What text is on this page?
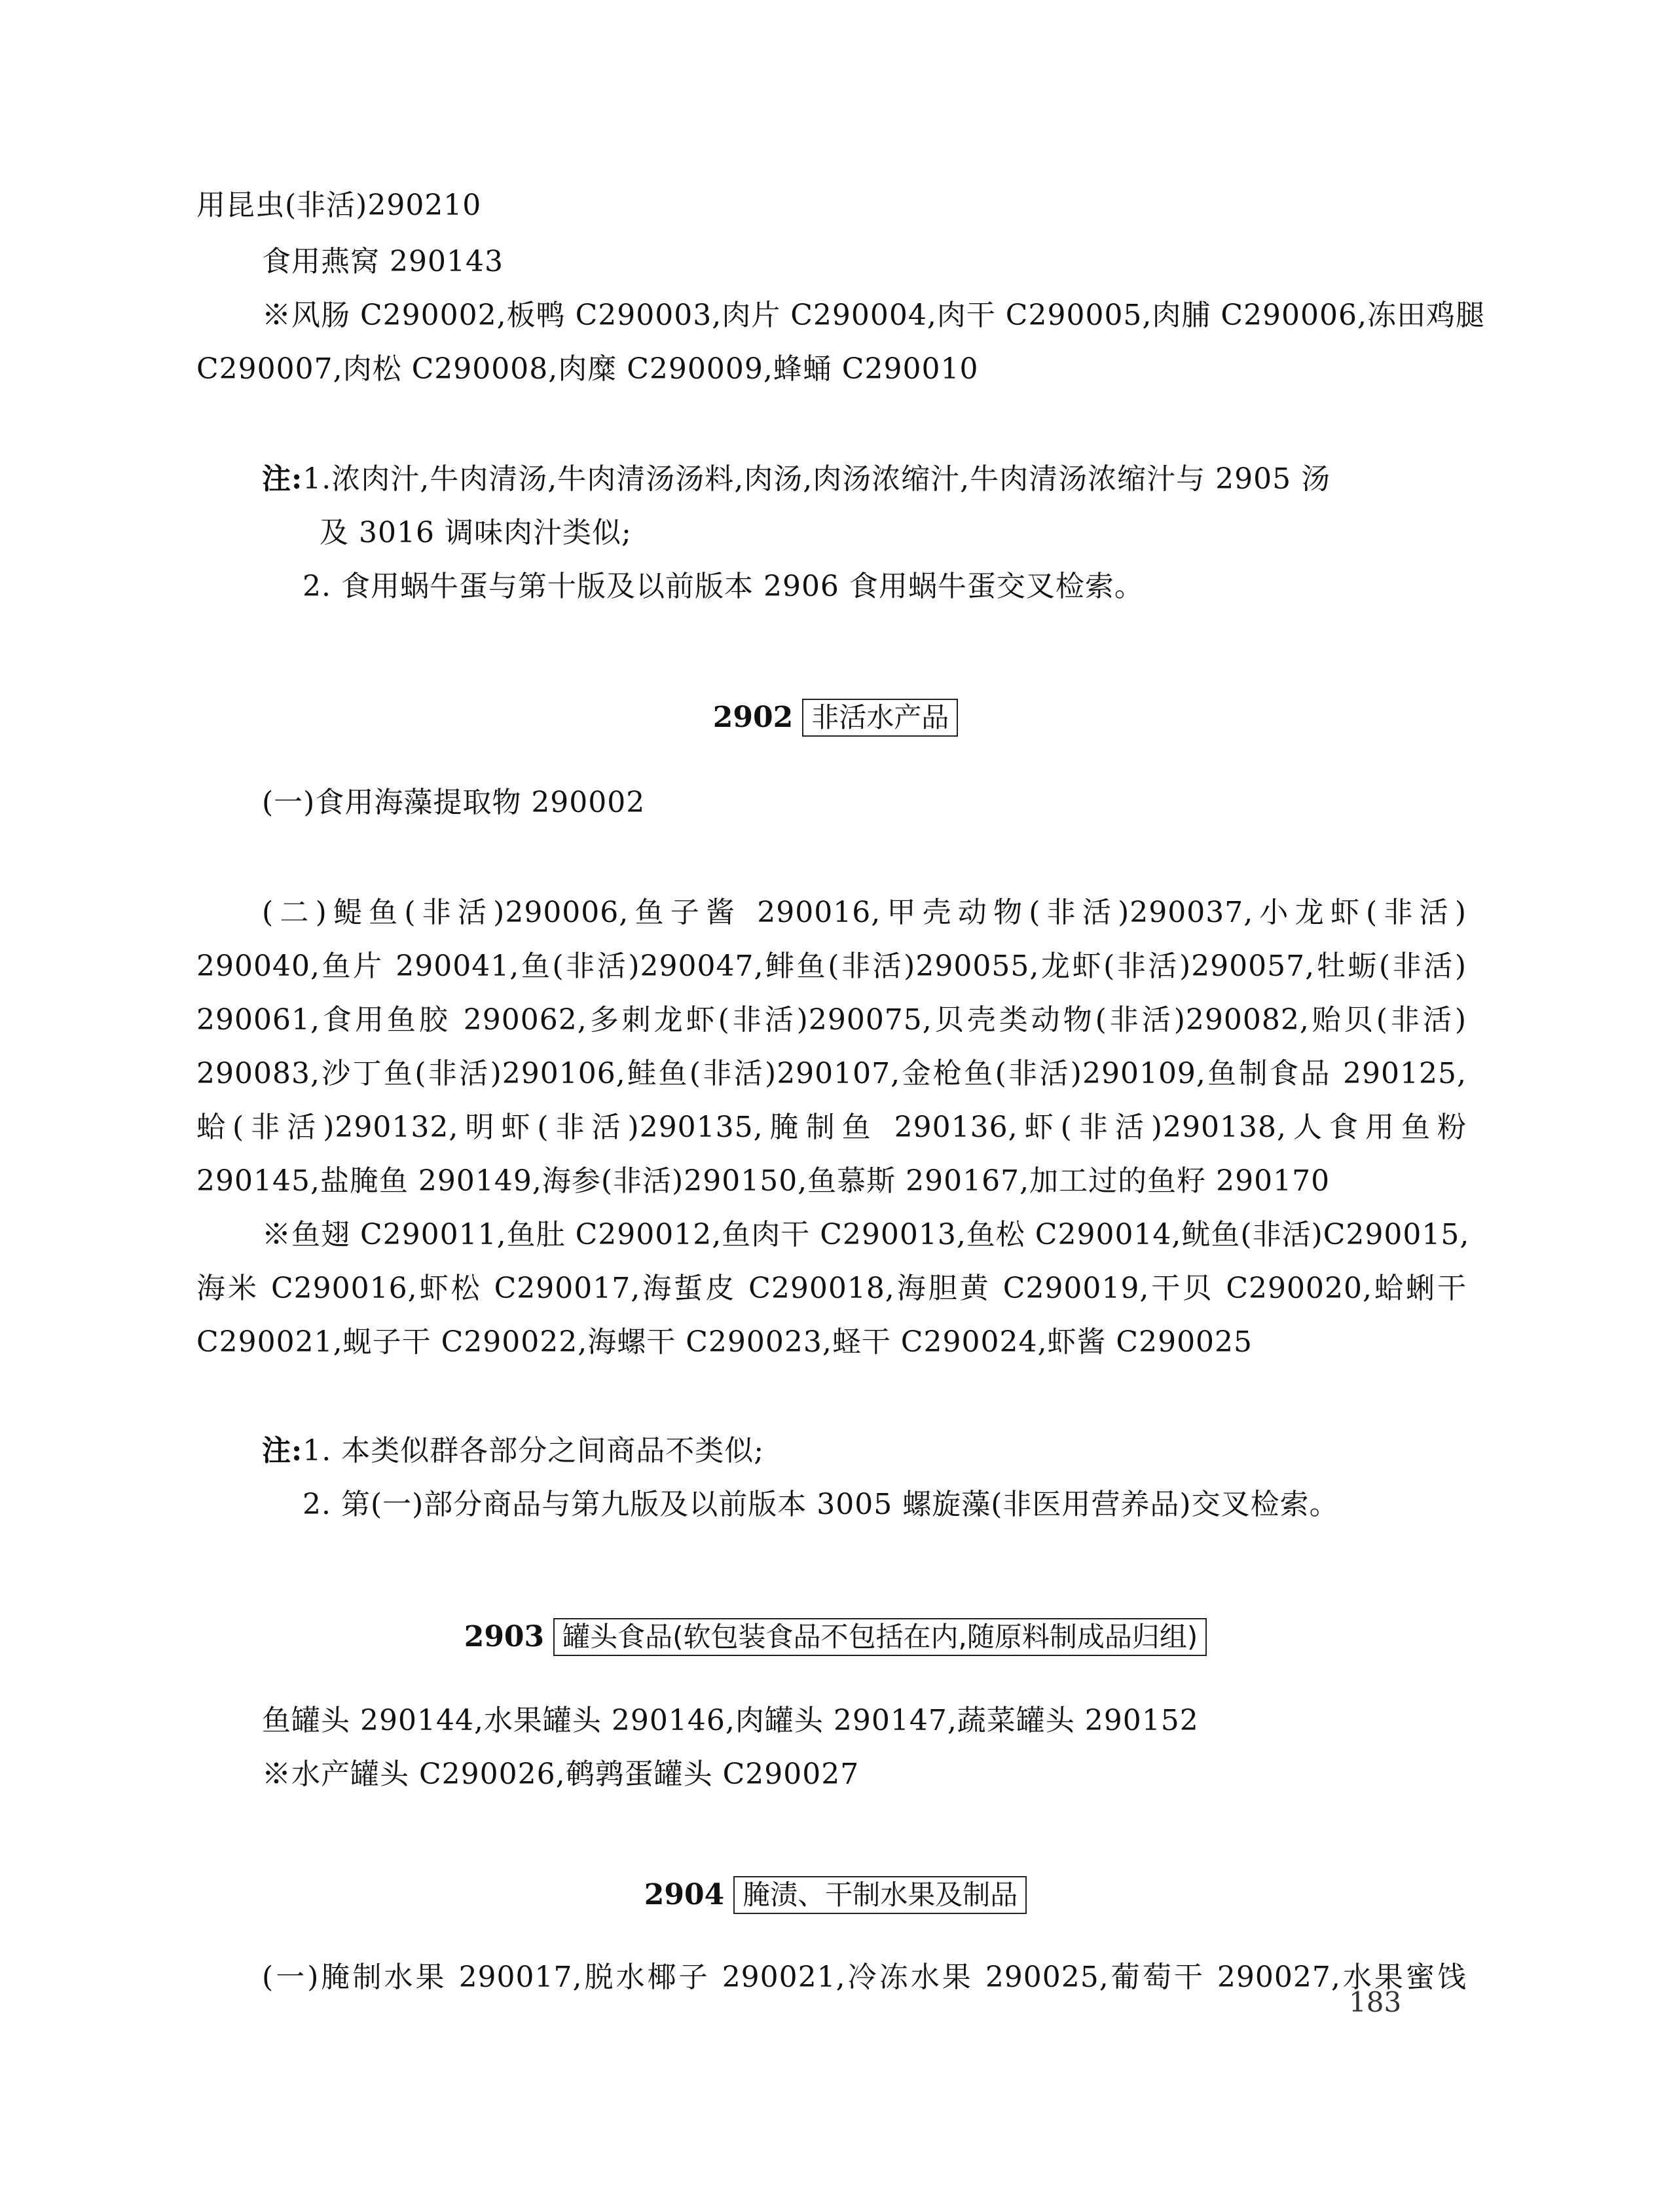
用昆虫(非活)290210
食用燕窝 290143
※风肠 C290002,板鸭 C290003,肉片 C290004,肉干 C290005,肉脯 C290006,冻田鸡腿
C290007,肉松 C290008,肉糜 C290009,蜂蛹 C290010
注:1.浓肉汁,牛肉清汤,牛肉清汤汤料,肉汤,肉汤浓缩汁,牛肉清汤浓缩汁与 2905 汤
及 3016 调味肉汁类似;
2. 食用蜗牛蛋与第十版及以前版本 2906 食用蜗牛蛋交叉检索。
2902 非活水产品
(一)食用海藻提取物 290002
(二)鳀鱼(非活)290006,鱼子酱 290016,甲壳动物(非活)290037,小龙虾(非活)
290040,鱼片 290041,鱼(非活)290047,鲱鱼(非活)290055,龙虾(非活)290057,牡蛎(非活)
290061,食用鱼胶 290062,多刺龙虾(非活)290075,贝壳类动物(非活)290082,贻贝(非活)
290083,沙丁鱼(非活)290106,鲑鱼(非活)290107,金枪鱼(非活)290109,鱼制食品 290125,
蛤(非活)290132,明虾(非活)290135,腌制鱼 290136,虾(非活)290138,人食用鱼粉
290145,盐腌鱼 290149,海参(非活)290150,鱼慕斯 290167,加工过的鱼籽 290170
※鱼翅 C290011,鱼肚 C290012,鱼肉干 C290013,鱼松 C290014,鱿鱼(非活)C290015,
海米 C290016,虾松 C290017,海蜇皮 C290018,海胆黄 C290019,干贝 C290020,蛤蜊干
C290021,蚬子干 C290022,海螺干 C290023,蛏干 C290024,虾酱 C290025
注:1. 本类似群各部分之间商品不类似;
2. 第(一)部分商品与第九版及以前版本 3005 螺旋藻(非医用营养品)交叉检索。
2903 罐头食品(软包装食品不包括在内,随原料制成品归组)
鱼罐头 290144,水果罐头 290146,肉罐头 290147,蔬菜罐头 290152
※水产罐头 C290026,鹌鹑蛋罐头 C290027
2904 腌渍、干制水果及制品
(一)腌制水果 290017,脱水椰子 290021,冷冻水果 290025,葡萄干 290027,水果蜜饯
183
